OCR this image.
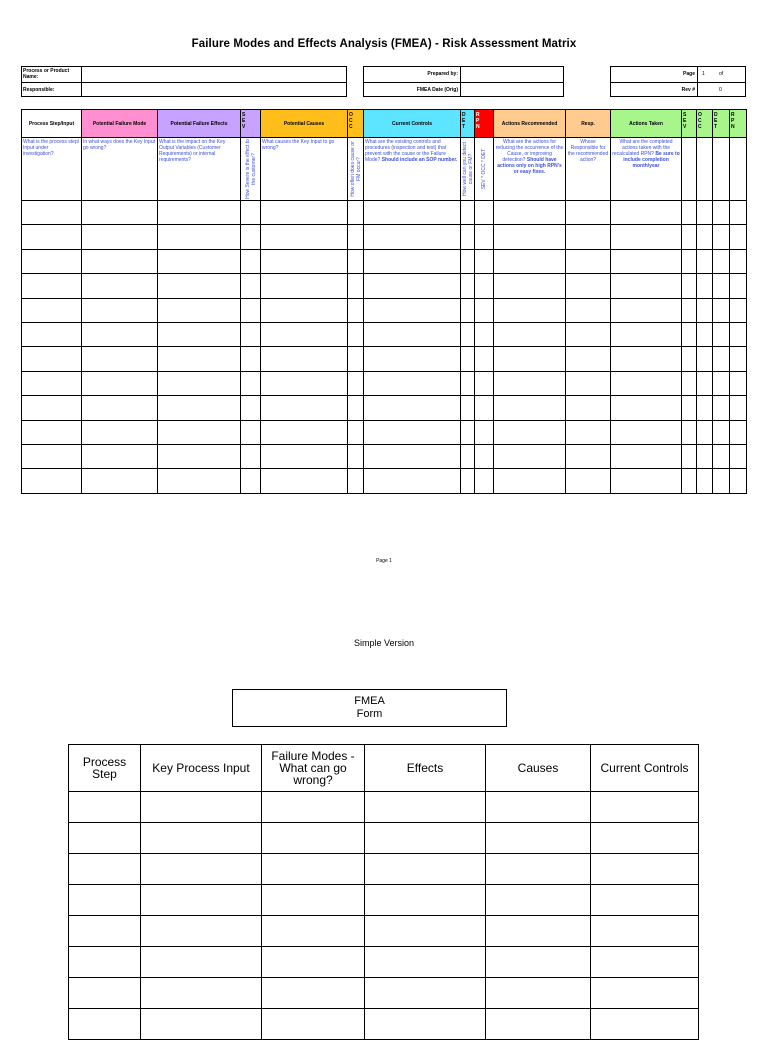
Failure Modes and Effects Analysis (FMEA) - Risk Assessment Matrix
Process or Product Name:
Responsible:
Prepared by:
FMEA Date (Orig)
Page
Rev #
1	of
0
Process Step/Input	Potential Failure Mode	Potential Failure Effects	S E V	Potential Causes	O C C	Current Controls	D E T	R P N	Actions Recommended	Resp.	Actions Taken	S E V	O C C	D E T	R P N
What is the process step/ Input under investigation?	In what ways does the Key Input go wrong?	What is the impact on the Key Output Variables (Customer Requirements) or internal requirements?	How Severe is the effect to the customer?	What causes the Key Input to go wrong?	How often does cause or FM occur?	What are the existing controls and procedures (inspection and test) that prevent with the cause or the Failure Mode? Should include an SOP number.	How well can you detect cause or FM?	SEV * OCC * DET	What are the actions for reducing the occurrence of the Cause, or improving detection? Should have actions only on high RPN's or easy fixes.	Whose Responsible for the recommended action?	What are the completed actions taken with the recalculated RPN? Be sure to include completion month/year				

Page 1
Simple Version
FMEA
Form
Process Step	Key Process Input	Failure Modes - What can go wrong?	Effects	Causes	Current Controls
